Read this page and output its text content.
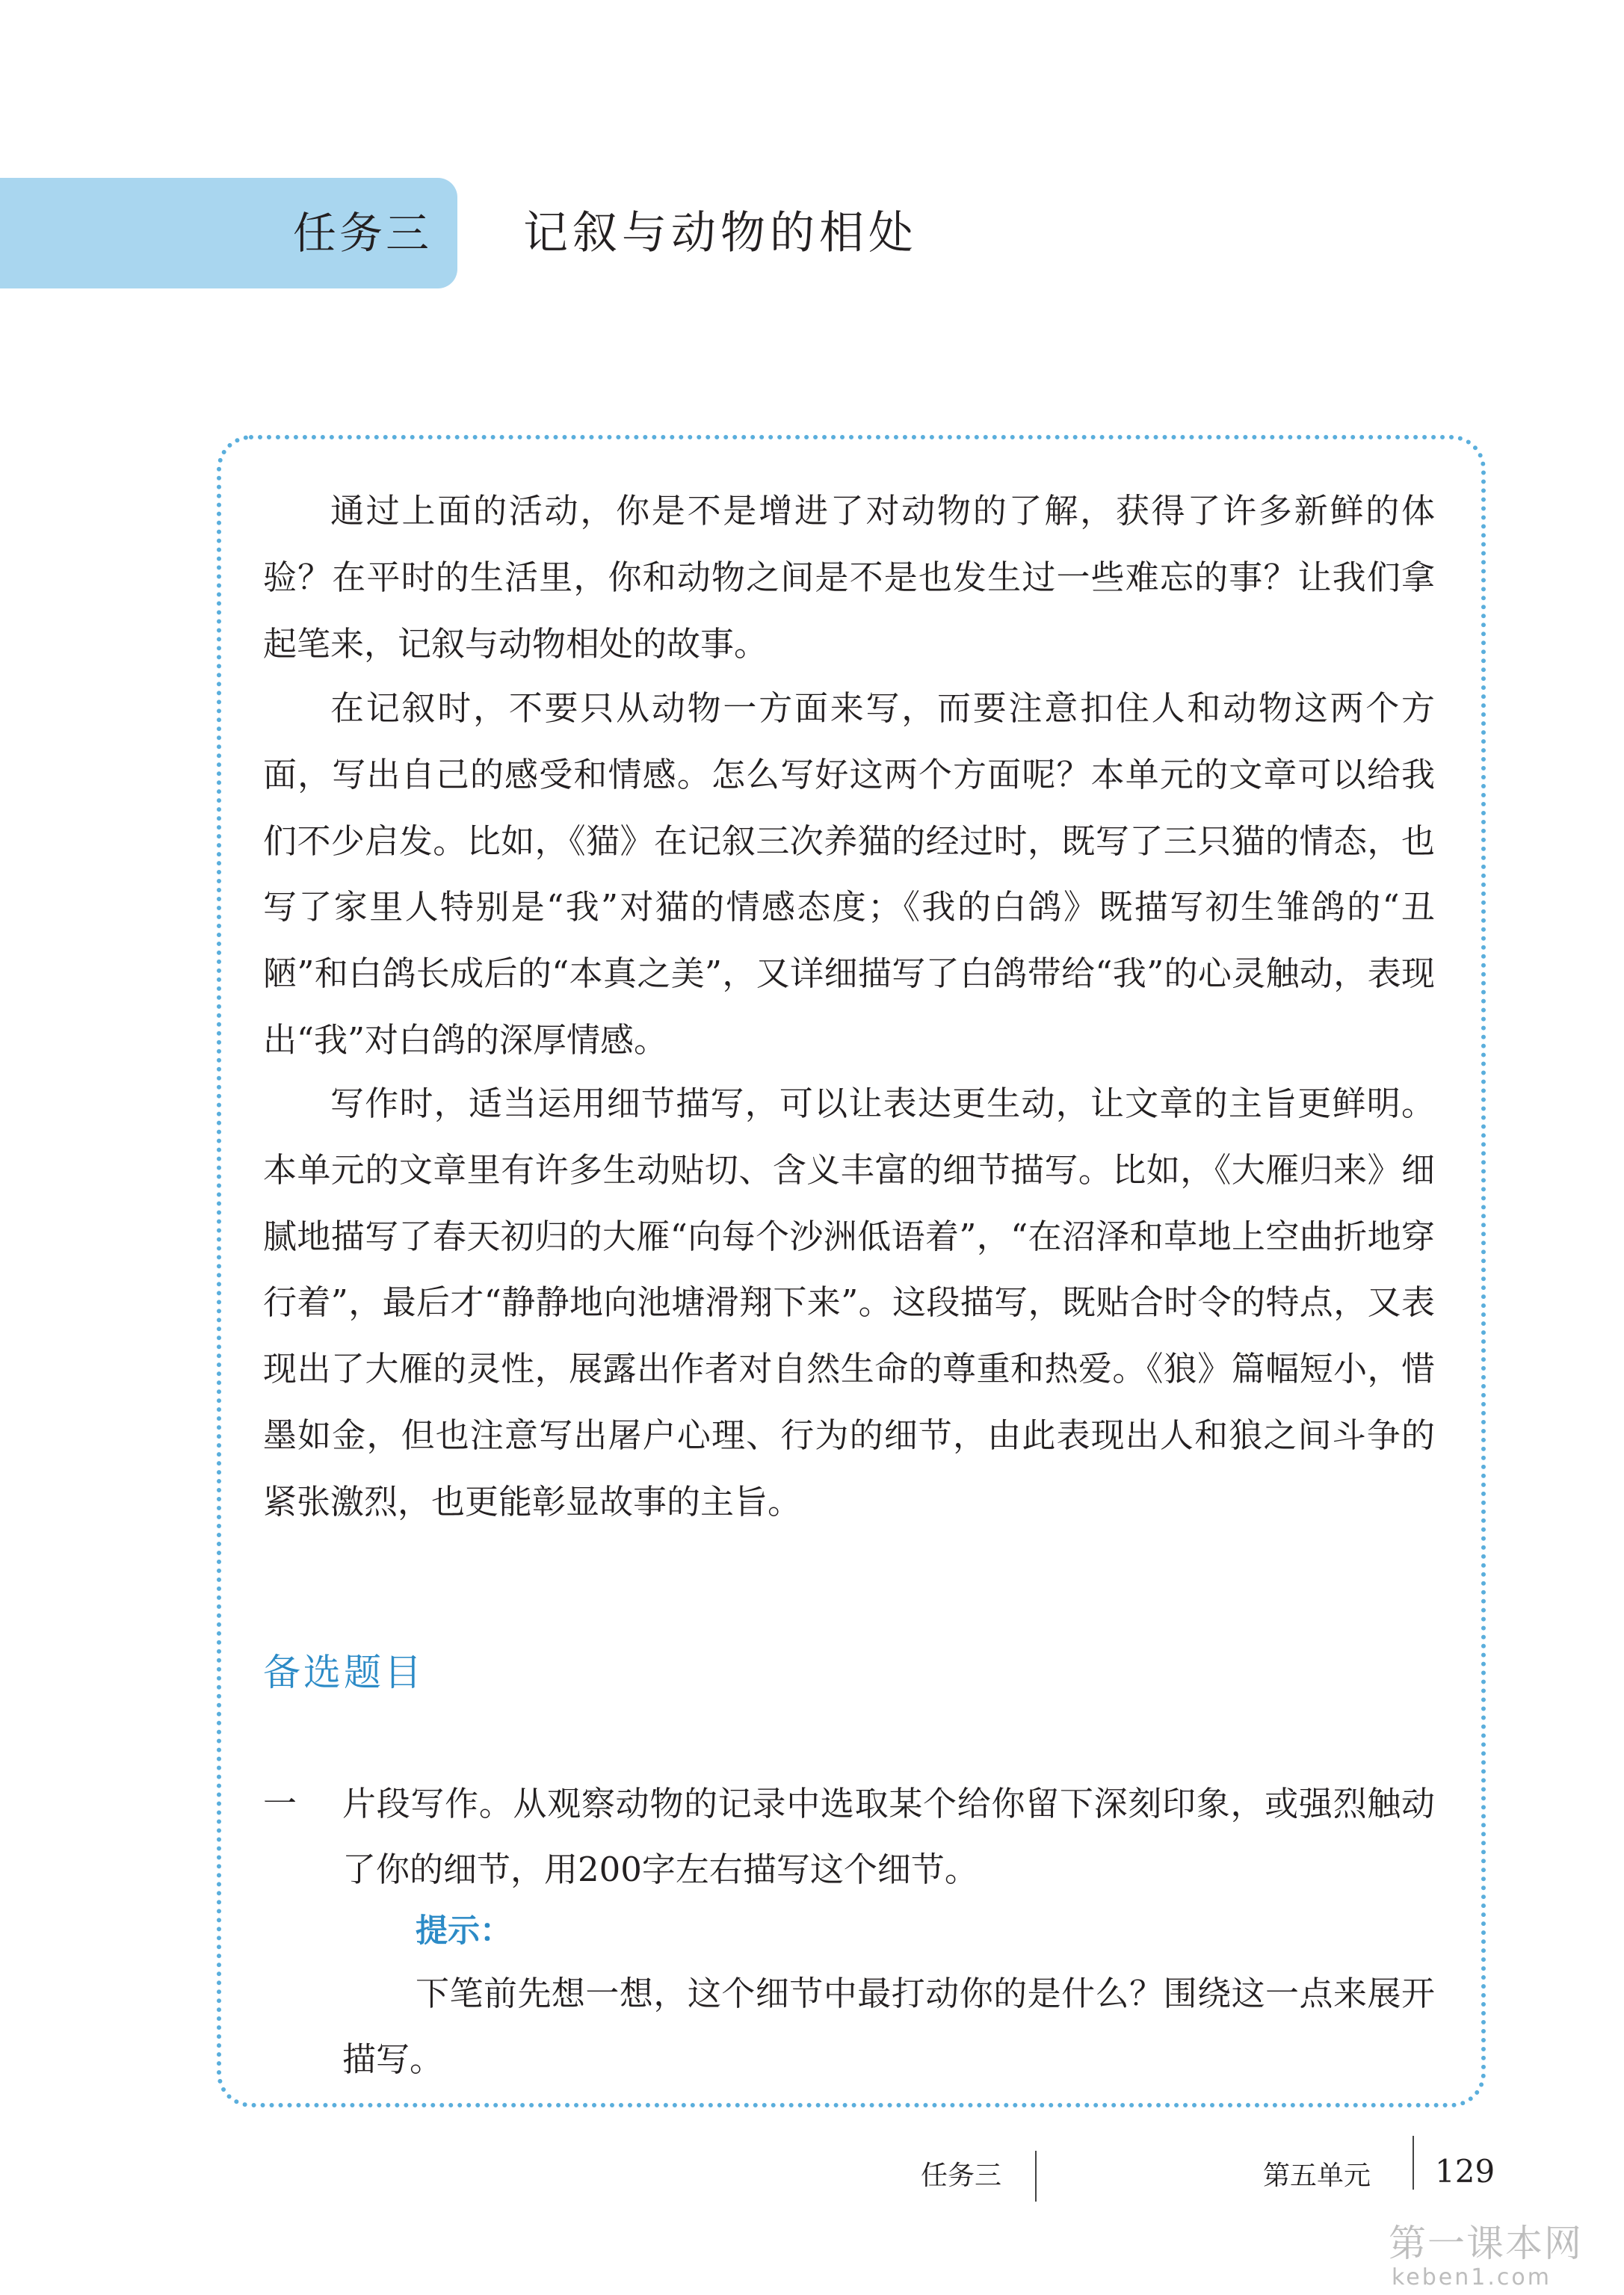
任务三 记叙与动物的相处

通过上面的活动，你是不是增进了对动物的了解，获得了许多新鲜的体验？在平时的生活里，你和动物之间是不是也发生过一些难忘的事？让我们拿起笔来，记叙与动物相处的故事。

在记叙时，不要只从动物一方面来写，而要注意扣住人和动物这两个方面，写出自己的感受和情感。怎么写好这两个方面呢？本单元的文章可以给我们不少启发。比如，《猫》在记叙三次养猫的经过时，既写了三只猫的情态，也写了家里人特别是“我”对猫的情感态度；《我的白鸽》既描写初生雏鸽的“丑陋”和白鸽长成后的“本真之美”，又详细描写了白鸽带给“我”的心灵触动，表现出“我”对白鸽的深厚情感。

写作时，适当运用细节描写，可以让表达更生动，让文章的主旨更鲜明。本单元的文章里有许多生动贴切、含义丰富的细节描写。比如，《大雁归来》细腻地描写了春天初归的大雁“向每个沙洲低语着”，“在沼泽和草地上空曲折地穿行着”，最后才“静静地向池塘滑翔下来”。这段描写，既贴合时令的特点，又表现出了大雁的灵性，展露出作者对自然生命的尊重和热爱。《狼》篇幅短小，惜墨如金，但也注意写出屠户心理、行为的细节，由此表现出人和狼之间斗争的紧张激烈，也更能彰显故事的主旨。

备选题目
一 片段写作。从观察动物的记录中选取某个给你留下深刻印象，或强烈触动了你的细节，用200字左右描写这个细节。

提示：

下笔前先想一想，这个细节中最打动你的是什么？围绕这一点来展开描写。

任务三	第五单元 129
第一课本网
keben1.com
